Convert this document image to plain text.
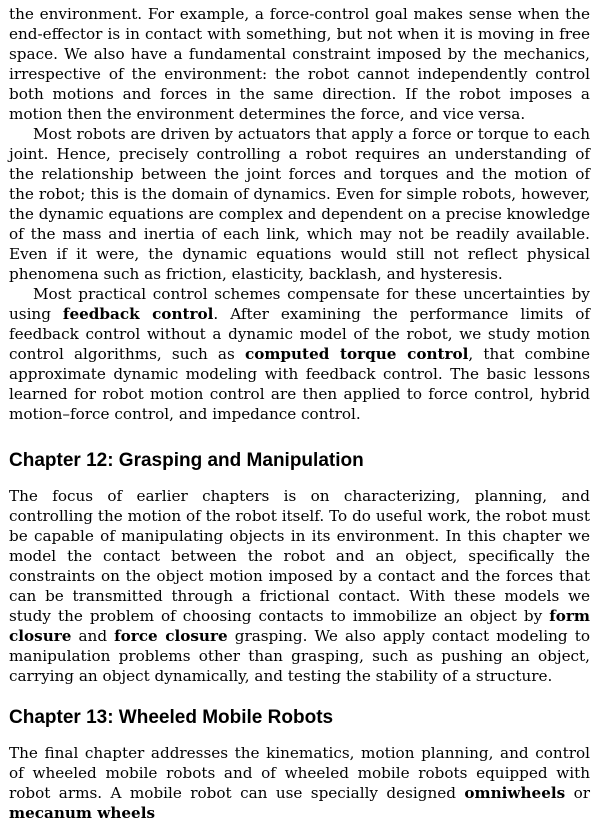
the environment. For example, a force-control goal makes sense when the end-effector is in contact with something, but not when it is moving in free space. We also have a fundamental constraint imposed by the mechanics, irrespective of the environment: the robot cannot independently control both motions and forces in the same direction. If the robot imposes a motion then the environment determines the force, and vice versa.

Most robots are driven by actuators that apply a force or torque to each joint. Hence, precisely controlling a robot requires an understanding of the relationship between the joint forces and torques and the motion of the robot; this is the domain of dynamics. Even for simple robots, however, the dynamic equations are complex and dependent on a precise knowledge of the mass and inertia of each link, which may not be readily available. Even if it were, the dynamic equations would still not reflect physical phenomena such as friction, elasticity, backlash, and hysteresis.

Most practical control schemes compensate for these uncertainties by using feedback control. After examining the performance limits of feedback control without a dynamic model of the robot, we study motion control algorithms, such as computed torque control, that combine approximate dynamic modeling with feedback control. The basic lessons learned for robot motion control are then applied to force control, hybrid motion–force control, and impedance control.

Chapter 12: Grasping and Manipulation

The focus of earlier chapters is on characterizing, planning, and controlling the motion of the robot itself. To do useful work, the robot must be capable of manipulating objects in its environment. In this chapter we model the contact between the robot and an object, specifically the constraints on the object motion imposed by a contact and the forces that can be transmitted through a frictional contact. With these models we study the problem of choosing contacts to immobilize an object by form closure and force closure grasping. We also apply contact modeling to manipulation problems other than grasping, such as pushing an object, carrying an object dynamically, and testing the stability of a structure.

Chapter 13: Wheeled Mobile Robots

The final chapter addresses the kinematics, motion planning, and control of wheeled mobile robots and of wheeled mobile robots equipped with robot arms. A mobile robot can use specially designed omniwheels or mecanum wheels
